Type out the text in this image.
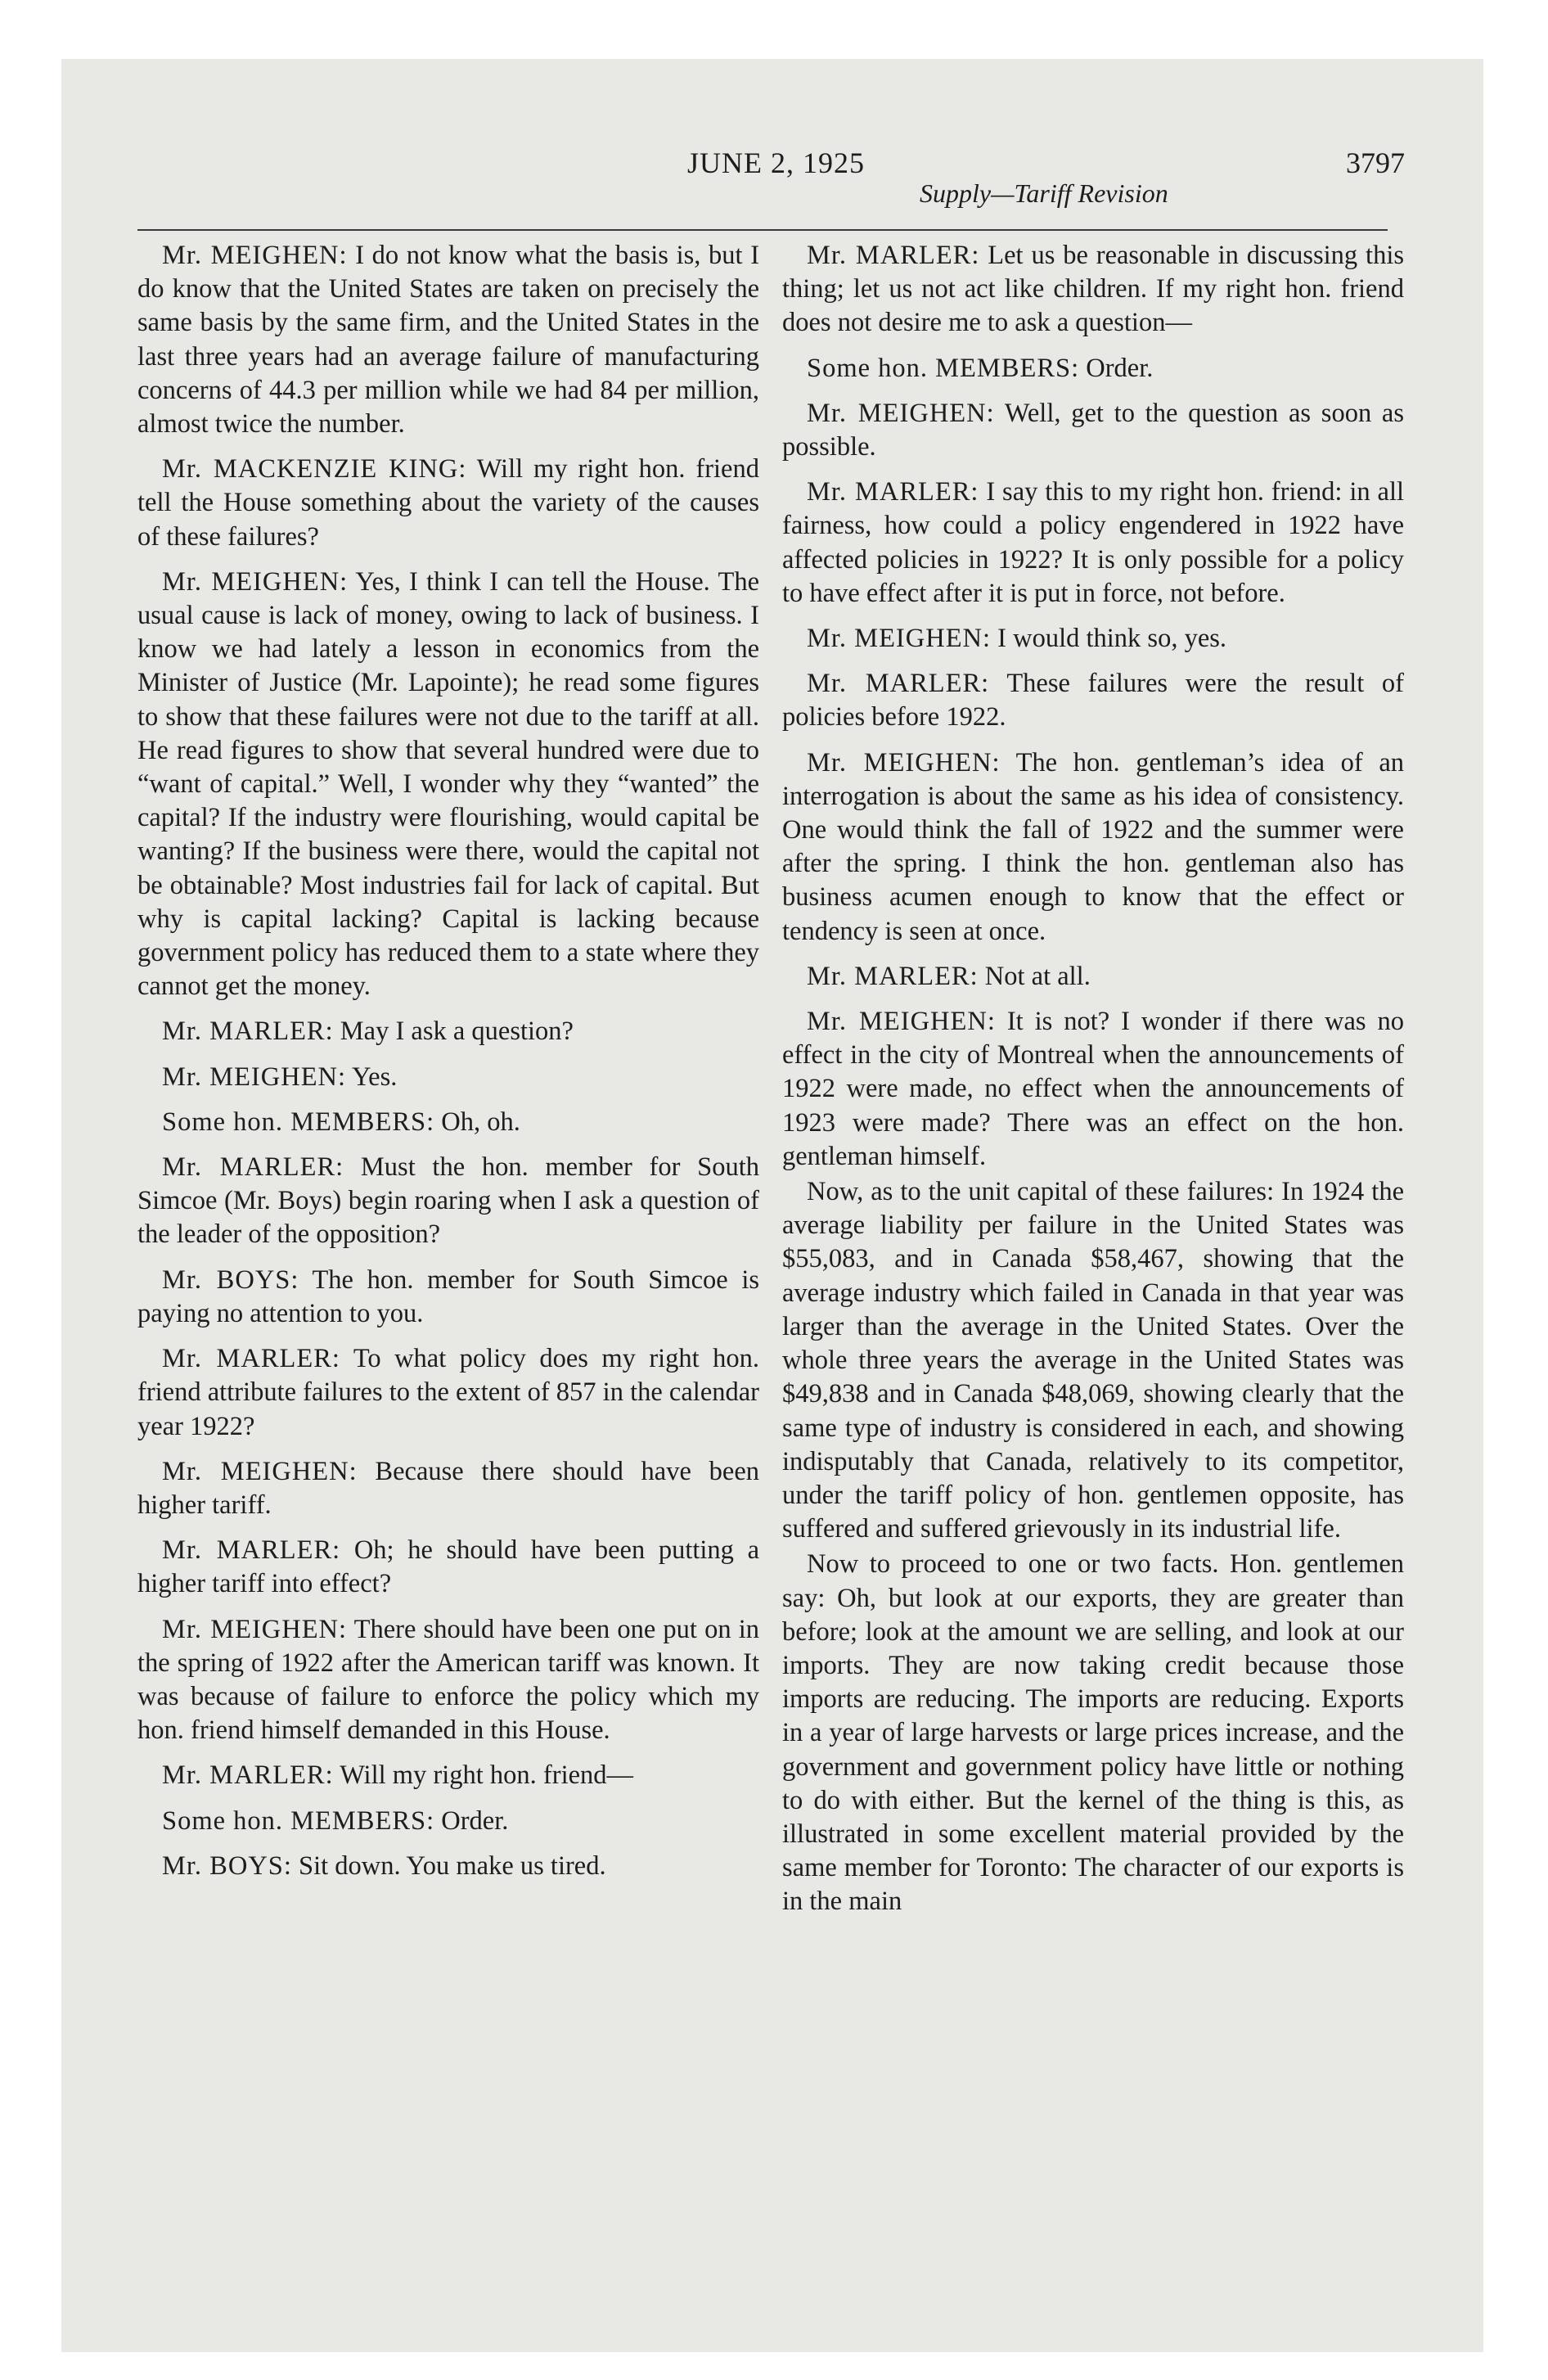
JUNE 2, 1925
Supply—Tariff Revision
3797

Mr. MEIGHEN: I do not know what the basis is, but I do know that the United States are taken on precisely the same basis by the same firm, and the United States in the last three years had an average failure of manufacturing concerns of 44.3 per million while we had 84 per million, almost twice the number.

Mr. MACKENZIE KING: Will my right hon. friend tell the House something about the variety of the causes of these failures?

Mr. MEIGHEN: Yes, I think I can tell the House. The usual cause is lack of money, owing to lack of business. I know we had lately a lesson in economics from the Minister of Justice (Mr. Lapointe); he read some figures to show that these failures were not due to the tariff at all. He read figures to show that several hundred were due to “want of capital.” Well, I wonder why they “wanted” the capital? If the industry were flourishing, would capital be wanting? If the business were there, would the capital not be obtainable? Most industries fail for lack of capital. But why is capital lacking? Capital is lacking because government policy has reduced them to a state where they cannot get the money.

Mr. MARLER: May I ask a question?

Mr. MEIGHEN: Yes.

Some hon. MEMBERS: Oh, oh.

Mr. MARLER: Must the hon. member for South Simcoe (Mr. Boys) begin roaring when I ask a question of the leader of the opposition?

Mr. BOYS: The hon. member for South Simcoe is paying no attention to you.

Mr. MARLER: To what policy does my right hon. friend attribute failures to the extent of 857 in the calendar year 1922?

Mr. MEIGHEN: Because there should have been higher tariff.

Mr. MARLER: Oh; he should have been putting a higher tariff into effect?

Mr. MEIGHEN: There should have been one put on in the spring of 1922 after the American tariff was known. It was because of failure to enforce the policy which my hon. friend himself demanded in this House.

Mr. MARLER: Will my right hon. friend—

Some hon. MEMBERS: Order.

Mr. BOYS: Sit down. You make us tired.

Mr. MARLER: Let us be reasonable in discussing this thing; let us not act like children. If my right hon. friend does not desire me to ask a question—

Some hon. MEMBERS: Order.

Mr. MEIGHEN: Well, get to the question as soon as possible.

Mr. MARLER: I say this to my right hon. friend: in all fairness, how could a policy engendered in 1922 have affected policies in 1922? It is only possible for a policy to have effect after it is put in force, not before.

Mr. MEIGHEN: I would think so, yes.

Mr. MARLER: These failures were the result of policies before 1922.

Mr. MEIGHEN: The hon. gentleman’s idea of an interrogation is about the same as his idea of consistency. One would think the fall of 1922 and the summer were after the spring. I think the hon. gentleman also has business acumen enough to know that the effect or tendency is seen at once.

Mr. MARLER: Not at all.

Mr. MEIGHEN: It is not? I wonder if there was no effect in the city of Montreal when the announcements of 1922 were made, no effect when the announcements of 1923 were made? There was an effect on the hon. gentleman himself.

Now, as to the unit capital of these failures: In 1924 the average liability per failure in the United States was $55,083, and in Canada $58,467, showing that the average industry which failed in Canada in that year was larger than the average in the United States. Over the whole three years the average in the United States was $49,838 and in Canada $48,069, showing clearly that the same type of industry is considered in each, and showing indisputably that Canada, relatively to its competitor, under the tariff policy of hon. gentlemen opposite, has suffered and suffered grievously in its industrial life.

Now to proceed to one or two facts. Hon. gentlemen say: Oh, but look at our exports, they are greater than before; look at the amount we are selling, and look at our imports. They are now taking credit because those imports are reducing. The imports are reducing. Exports in a year of large harvests or large prices increase, and the government and government policy have little or nothing to do with either. But the kernel of the thing is this, as illustrated in some excellent material provided by the same member for Toronto: The character of our exports is in the main
